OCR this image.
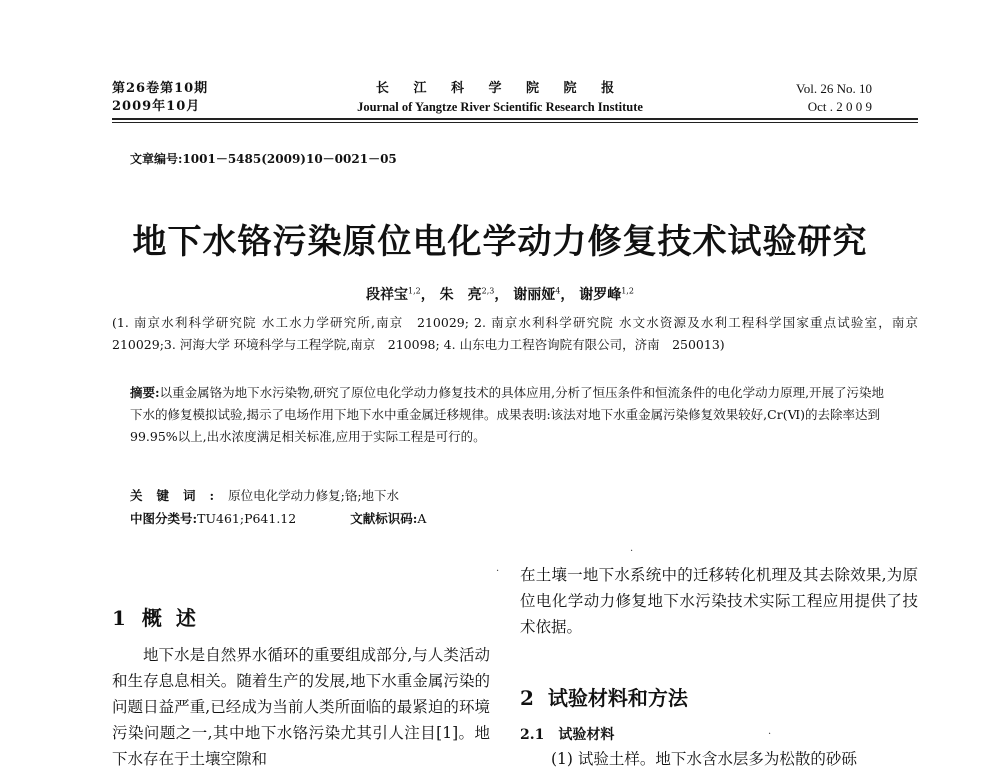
第26卷第10期
2009年10月
长 江 科 学 院 院 报
Journal of Yangtze River Scientific Research Institute
Vol. 26 No. 10
Oct . 2 0 0 9
文章编号:1001－5485(2009)10－0021－05
地下水铬污染原位电化学动力修复技术试验研究
段祥宝$^{1,2}$， 朱　亮$^{2,3}$， 谢丽娅$^4$， 谢罗峰$^{1,2}$
(1. 南京水利科学研究院 水工水力学研究所,南京　210029; 2. 南京水利科学研究院 水文水资源及水利工程科学国家重点试验室，南京　210029;3. 河海大学 环境科学与工程学院,南京　210098; 4. 山东电力工程咨询院有限公司，济南　250013)
摘要:以重金属铬为地下水污染物,研究了原位电化学动力修复技术的具体应用,分析了恒压条件和恒流条件的电化学动力原理,开展了污染地下水的修复模拟试验,揭示了电场作用下地下水中重金属迁移规律。成果表明:该法对地下水重金属污染修复效果较好,Cr(Ⅵ)的去除率达到99.95%以上,出水浓度满足相关标准,应用于实际工程是可行的。
关键词:原位电化学动力修复;铬;地下水
中图分类号:TU461;P641.12	文献标识码:A
1 概述
地下水是自然界水循环的重要组成部分,与人类活动和生存息息相关。随着生产的发展,地下水重金属污染的问题日益严重,已经成为当前人类所面临的最紧迫的环境污染问题之一,其中地下水铬污染尤其引人注目[1]。地下水存在于土壤空隙和
·
·
·
在土壤一地下水系统中的迁移转化机理及其去除效果,为原位电化学动力修复地下水污染技术实际工程应用提供了技术依据。
2 试验材料和方法
2.1 试验材料
(1) 试验土样。地下水含水层多为松散的砂砾
